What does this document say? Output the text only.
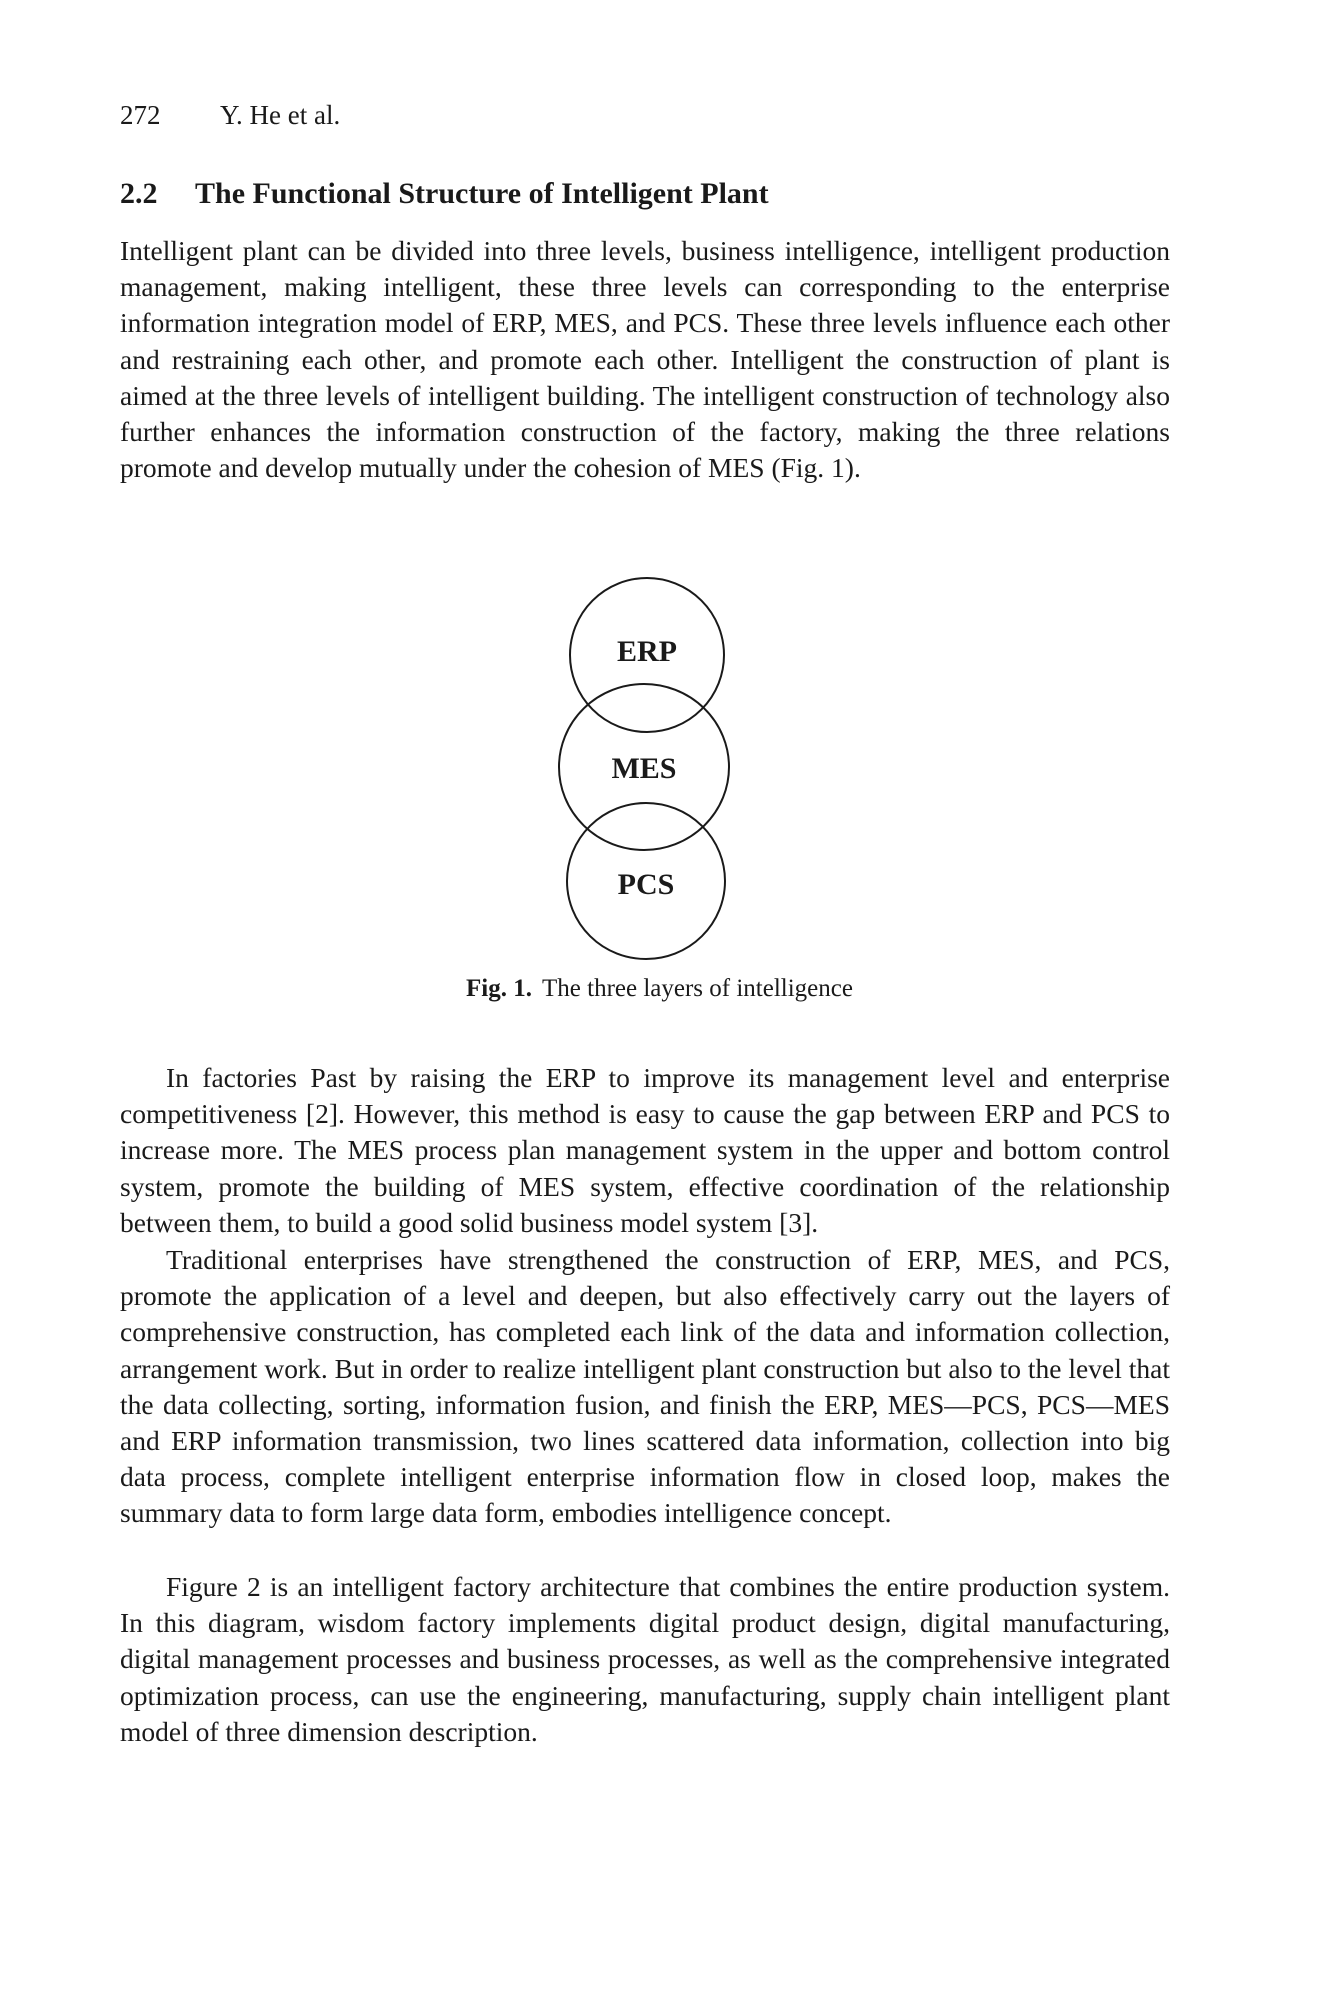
272 Y. He et al.
2.2 The Functional Structure of Intelligent Plant

Intelligent plant can be divided into three levels, business intelligence, intelligent production management, making intelligent, these three levels can corresponding to the enterprise information integration model of ERP, MES, and PCS. These three levels influence each other and restraining each other, and promote each other. Intelligent the construction of plant is aimed at the three levels of intelligent building. The intelligent construction of technology also further enhances the information construction of the factory, making the three relations promote and develop mutually under the cohesion of MES (Fig. 1).

ERP
MES
PCS
Fig. 1. The three layers of intelligence

In factories Past by raising the ERP to improve its management level and enterprise competitiveness [2]. However, this method is easy to cause the gap between ERP and PCS to increase more. The MES process plan management system in the upper and bottom control system, promote the building of MES system, effective coordination of the relationship between them, to build a good solid business model system [3].

Traditional enterprises have strengthened the construction of ERP, MES, and PCS, promote the application of a level and deepen, but also effectively carry out the layers of comprehensive construction, has completed each link of the data and information collection, arrangement work. But in order to realize intelligent plant construction but also to the level that the data collecting, sorting, information fusion, and finish the ERP, MES—PCS, PCS—MES and ERP information transmission, two lines scattered data information, collection into big data process, complete intelligent enterprise information flow in closed loop, makes the summary data to form large data form, embodies intelligence concept.

Figure 2 is an intelligent factory architecture that combines the entire production system. In this diagram, wisdom factory implements digital product design, digital manufacturing, digital management processes and business processes, as well as the comprehensive integrated optimization process, can use the engineering, manufacturing, supply chain intelligent plant model of three dimension description.
